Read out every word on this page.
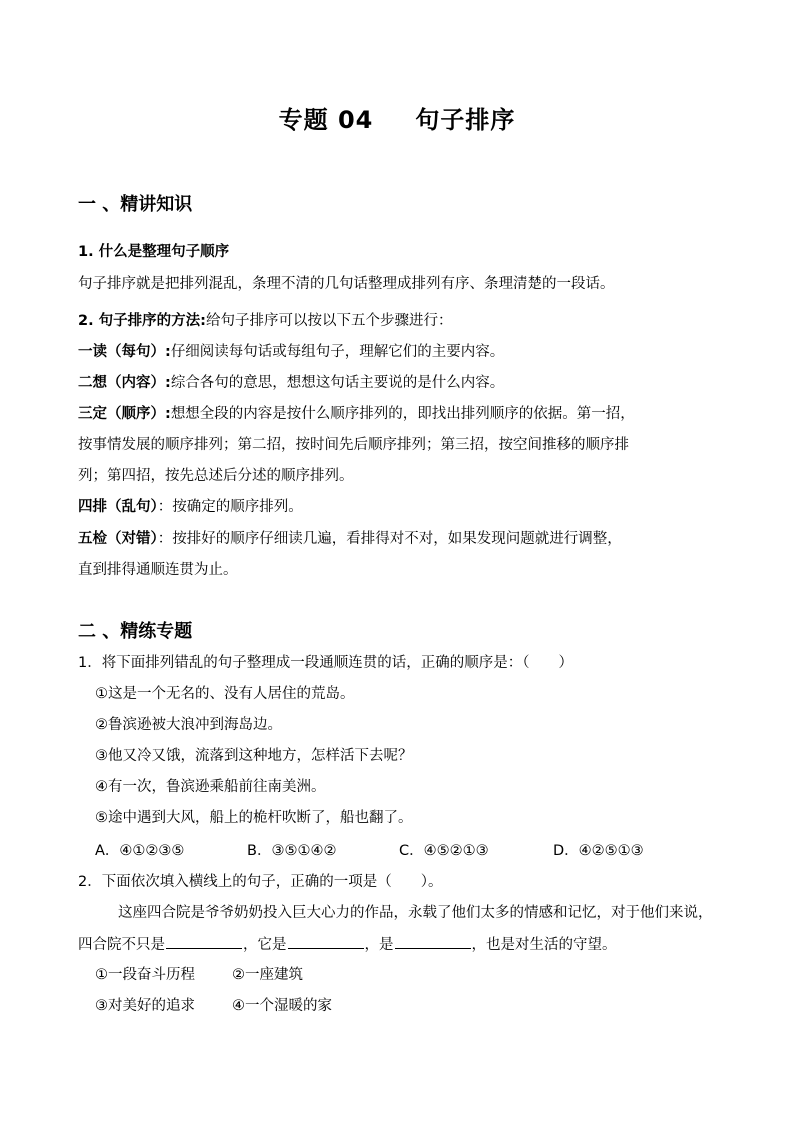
专题 04 句子排序
一 、精讲知识
1. 什么是整理句子顺序
句子排序就是把排列混乱，条理不清的几句话整理成排列有序、条理清楚的一段话。
2. 句子排序的方法:给句子排序可以按以下五个步骤进行：
一读（每句）:仔细阅读每句话或每组句子，理解它们的主要内容。
二想（内容）:综合各句的意思，想想这句话主要说的是什么内容。
三定（顺序）:想想全段的内容是按什么顺序排列的，即找出排列顺序的依据。第一招，
按事情发展的顺序排列；第二招，按时间先后顺序排列；第三招，按空间推移的顺序排
列；第四招，按先总述后分述的顺序排列。
四排（乱句）：按确定的顺序排列。
五检（对错）：按排好的顺序仔细读几遍，看排得对不对，如果发现问题就进行调整，
直到排得通顺连贯为止。
二 、精练专题
1．将下面排列错乱的句子整理成一段通顺连贯的话，正确的顺序是：（　　）
①这是一个无名的、没有人居住的荒岛。
②鲁滨逊被大浪冲到海岛边。
③他又冷又饿，流落到这种地方，怎样活下去呢？
④有一次，鲁滨逊乘船前往南美洲。
⑤途中遇到大风，船上的桅杆吹断了，船也翻了。
A．④①②③⑤	B．③⑤①④②	C．④⑤②①③	D．④②⑤①③
2．下面依次填入横线上的句子，正确的一项是（　　）。
这座四合院是爷爷奶奶投入巨大心力的作品，永载了他们太多的情感和记忆，对于他们来说，
四合院不只是	，它是	，是	，也是对生活的守望。
①一段奋斗历程	②一座建筑
③对美好的追求	④一个湿暖的家
